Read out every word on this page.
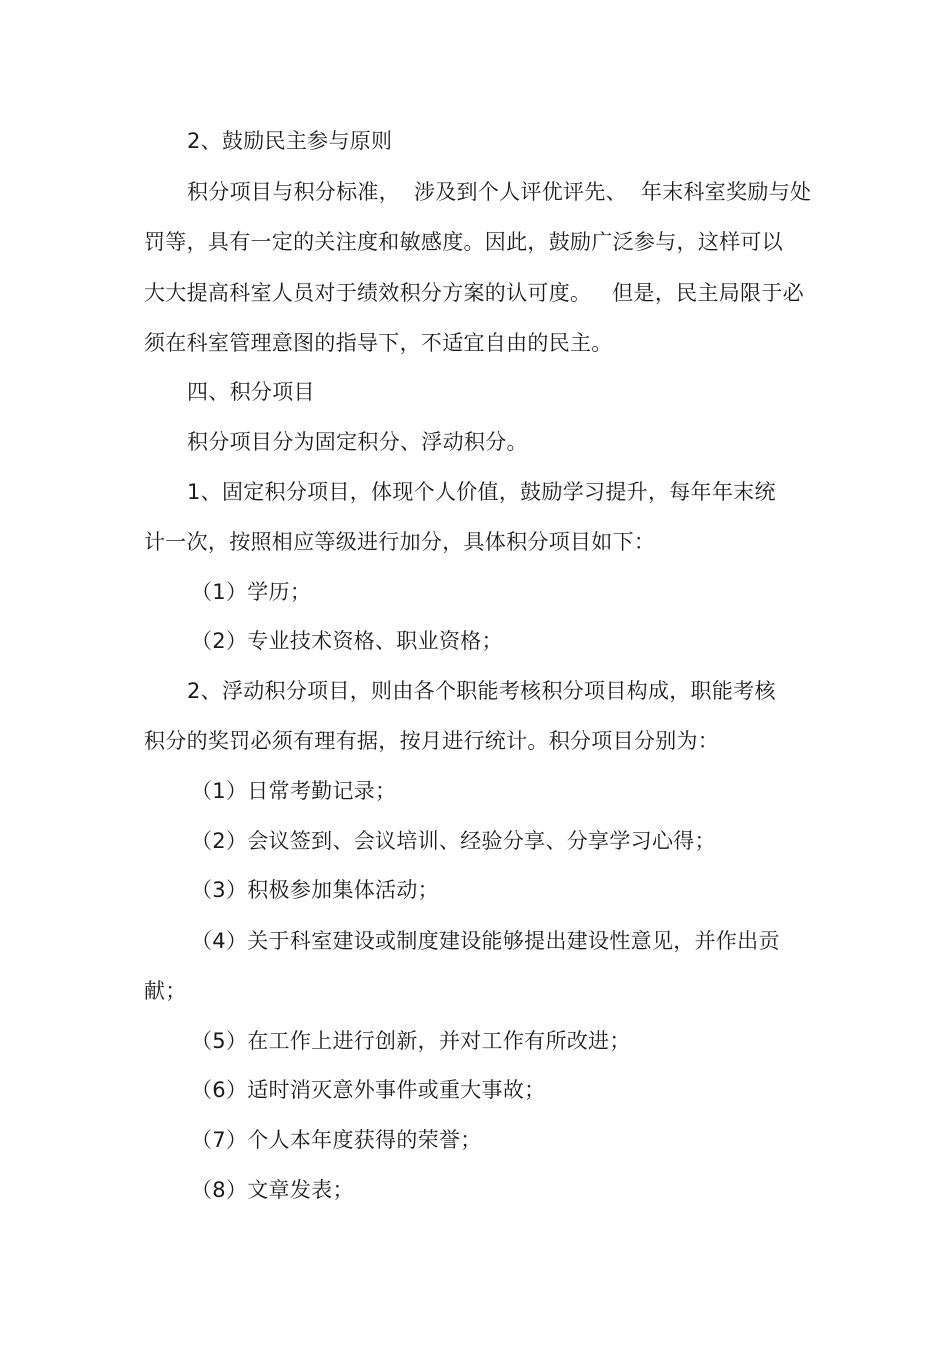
2、鼓励民主参与原则
积分项目与积分标准，  涉及到个人评优评先、  年末科室奖励与处
罚等，具有一定的关注度和敏感度。因此，鼓励广泛参与，这样可以
大大提高科室人员对于绩效积分方案的认可度。   但是，民主局限于必
须在科室管理意图的指导下，不适宜自由的民主。
四、积分项目
积分项目分为固定积分、浮动积分。
1、固定积分项目，体现个人价值，鼓励学习提升，每年年末统
计一次，按照相应等级进行加分，具体积分项目如下：
（1）学历；
（2）专业技术资格、职业资格；
2、浮动积分项目，则由各个职能考核积分项目构成，职能考核
积分的奖罚必须有理有据，按月进行统计。积分项目分别为：
（1）日常考勤记录；
（2）会议签到、会议培训、经验分享、分享学习心得；
（3）积极参加集体活动；
（4）关于科室建设或制度建设能够提出建设性意见，并作出贡
献；
（5）在工作上进行创新，并对工作有所改进；
（6）适时消灭意外事件或重大事故；
（7）个人本年度获得的荣誉；
（8）文章发表；
